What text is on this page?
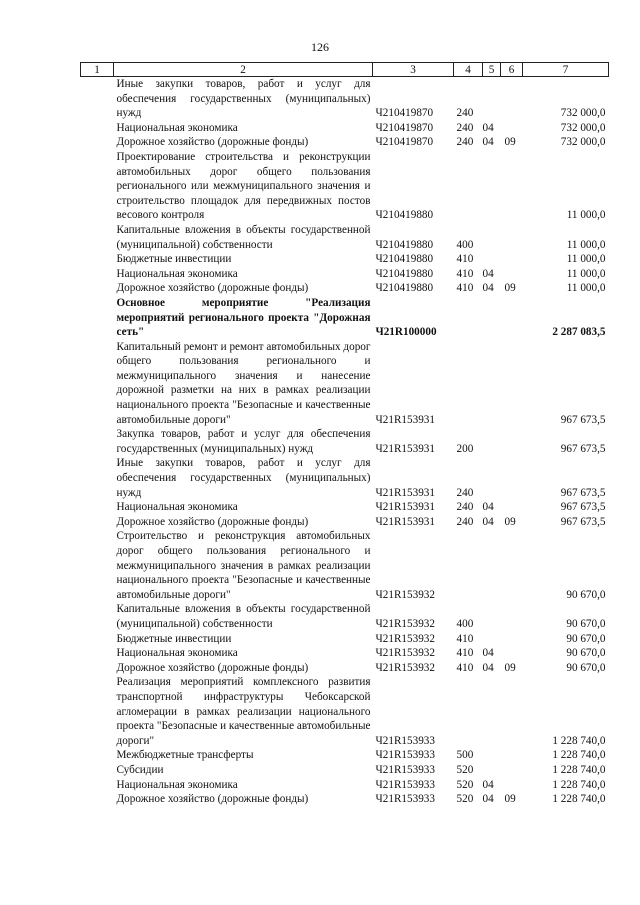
126
1	2	3	4	5	6	7
	Иные закупки товаров, работ и услуг для обеспечения государственных (муниципальных) нужд	Ч210419870	240			732 000,0
	Национальная экономика	Ч210419870	240	04		732 000,0
	Дорожное хозяйство (дорожные фонды)	Ч210419870	240	04	09	732 000,0
	Проектирование строительства и реконструкции автомобильных дорог общего пользования регионального или межмуниципального значения и строительство площадок для передвижных постов весового контроля	Ч210419880				11 000,0
	Капитальные вложения в объекты государственной (муниципальной) собственности	Ч210419880	400			11 000,0
	Бюджетные инвестиции	Ч210419880	410			11 000,0
	Национальная экономика	Ч210419880	410	04		11 000,0
	Дорожное хозяйство (дорожные фонды)	Ч210419880	410	04	09	11 000,0
	Основное мероприятие "Реализация мероприятий регионального проекта "Дорожная сеть"	Ч21R100000				2 287 083,5
	Капитальный ремонт и ремонт автомобильных дорог общего пользования регионального и межмуниципального значения и нанесение дорожной разметки на них в рамках реализации национального проекта "Безопасные и качественные автомобильные дороги"	Ч21R153931				967 673,5
	Закупка товаров, работ и услуг для обеспечения государственных (муниципальных) нужд	Ч21R153931	200			967 673,5
	Иные закупки товаров, работ и услуг для обеспечения государственных (муниципальных) нужд	Ч21R153931	240			967 673,5
	Национальная экономика	Ч21R153931	240	04		967 673,5
	Дорожное хозяйство (дорожные фонды)	Ч21R153931	240	04	09	967 673,5
	Строительство и реконструкция автомобильных дорог общего пользования регионального и межмуниципального значения в рамках реализации национального проекта "Безопасные и качественные автомобильные дороги"	Ч21R153932				90 670,0
	Капитальные вложения в объекты государственной (муниципальной) собственности	Ч21R153932	400			90 670,0
	Бюджетные инвестиции	Ч21R153932	410			90 670,0
	Национальная экономика	Ч21R153932	410	04		90 670,0
	Дорожное хозяйство (дорожные фонды)	Ч21R153932	410	04	09	90 670,0
	Реализация мероприятий комплексного развития транспортной инфраструктуры Чебоксарской агломерации в рамках реализации национального проекта "Безопасные и качественные автомобильные дороги"	Ч21R153933				1 228 740,0
	Межбюджетные трансферты	Ч21R153933	500			1 228 740,0
	Субсидии	Ч21R153933	520			1 228 740,0
	Национальная экономика	Ч21R153933	520	04		1 228 740,0
	Дорожное хозяйство (дорожные фонды)	Ч21R153933	520	04	09	1 228 740,0
